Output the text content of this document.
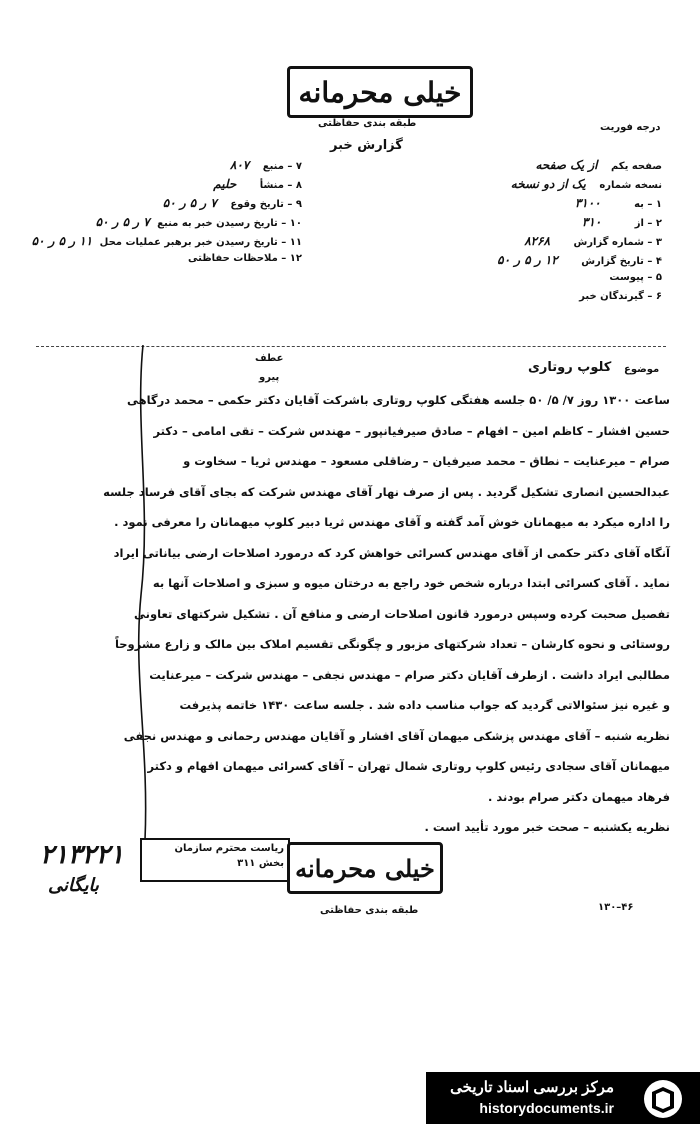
خیلی محرمانه
طبقه بندی حفاظتی	درجه فوریت
گزارش خبر
۷ – منبع ۸۰۷
۸ – منشأ حلیم
۹ – تاریخ وقوع ۷ ر ۵ ر ۵۰
۱۰ – تاریخ رسیدن خبر به منبع ۷ ر ۵ ر ۵۰
۱۱ – تاریخ رسیدن خبر برهبر عملیات محل ۱۱ ر ۵ ر ۵۰
۱۲ – ملاحظات حفاظتی
صفحه یکم از یک صفحه
نسخه شماره یک از دو نسخه
۱ – به ۳۱۰۰
۲ – از ۳۱۰
۳ – شماره گزارش ۸۲۶۸
۴ – تاریخ گزارش ۱۲ ر ۵ ر ۵۰
۵ – پیوست
۶ – گیرندگان خبر
موضوع
کلوپ روتاری
عطف
پیرو
ساعت ۱۳۰۰ روز ۷/ ۵/ ۵۰ جلسه هفتگی کلوپ روتاری باشرکت آقایان دکتر حکمی – محمد درگاهی
حسین افشار – کاظم امین – افهام – صادق صیرفیانپور – مهندس شرکت – تقی امامی – دکتر
صرام – میرعنایت – نطاق – محمد صیرفیان – رضاقلی مسعود – مهندس ثریا – سخاوت و
عبدالحسین انصاری تشکیل گردید . پس از صرف نهار آقای مهندس شرکت که بجای آقای فرساد جلسه
را اداره میکرد به میهمانان خوش آمد گفته و آقای مهندس ثریا دبیر کلوپ میهمانان را معرفی نمود .
آنگاه آقای دکتر حکمی از آقای مهندس کسرائی خواهش کرد که درمورد اصلاحات ارضی بیاناتی ایراد
نماید . آقای کسرائی ابتدا درباره شخص خود راجع به درختان میوه و سبزی و اصلاحات آنها به
تفصیل صحبت کرده وسپس درمورد قانون اصلاحات ارضی و منافع آن . تشکیل شرکتهای تعاونی
روستائی و نحوه کارشان – تعداد شرکتهای مزبور و چگونگی تقسیم املاک بین مالک و زارع مشروحاً
مطالبی ایراد داشت . ازطرف آقایان دکتر صرام – مهندس نجفی – مهندس شرکت – میرعنایت
و غیره نیز سئوالاتی گردید که جواب مناسب داده شد . جلسه ساعت ۱۴۳۰ خاتمه پذیرفت
نظریه شنبه – آقای مهندس پزشکی میهمان آقای افشار و آقایان مهندس رحمانی و مهندس نجفی
میهمانان آقای سجادی رئیس کلوپ روتاری شمال تهران – آقای کسرائی میهمان افهام و دکتر
فرهاد میهمان دکتر صرام بودند .
نظریه یکشنبه – صحت خبر مورد تأیید است .
ریاست محترم سازمان
بخش ۳۱۱ خیلی محرمانه
طبقه بندی حفاظتی
۲۱۳۲۲۱
بایگانی
۱۳۰–۴۶
مرکز بررسی اسناد تاریخی
historydocuments.ir
